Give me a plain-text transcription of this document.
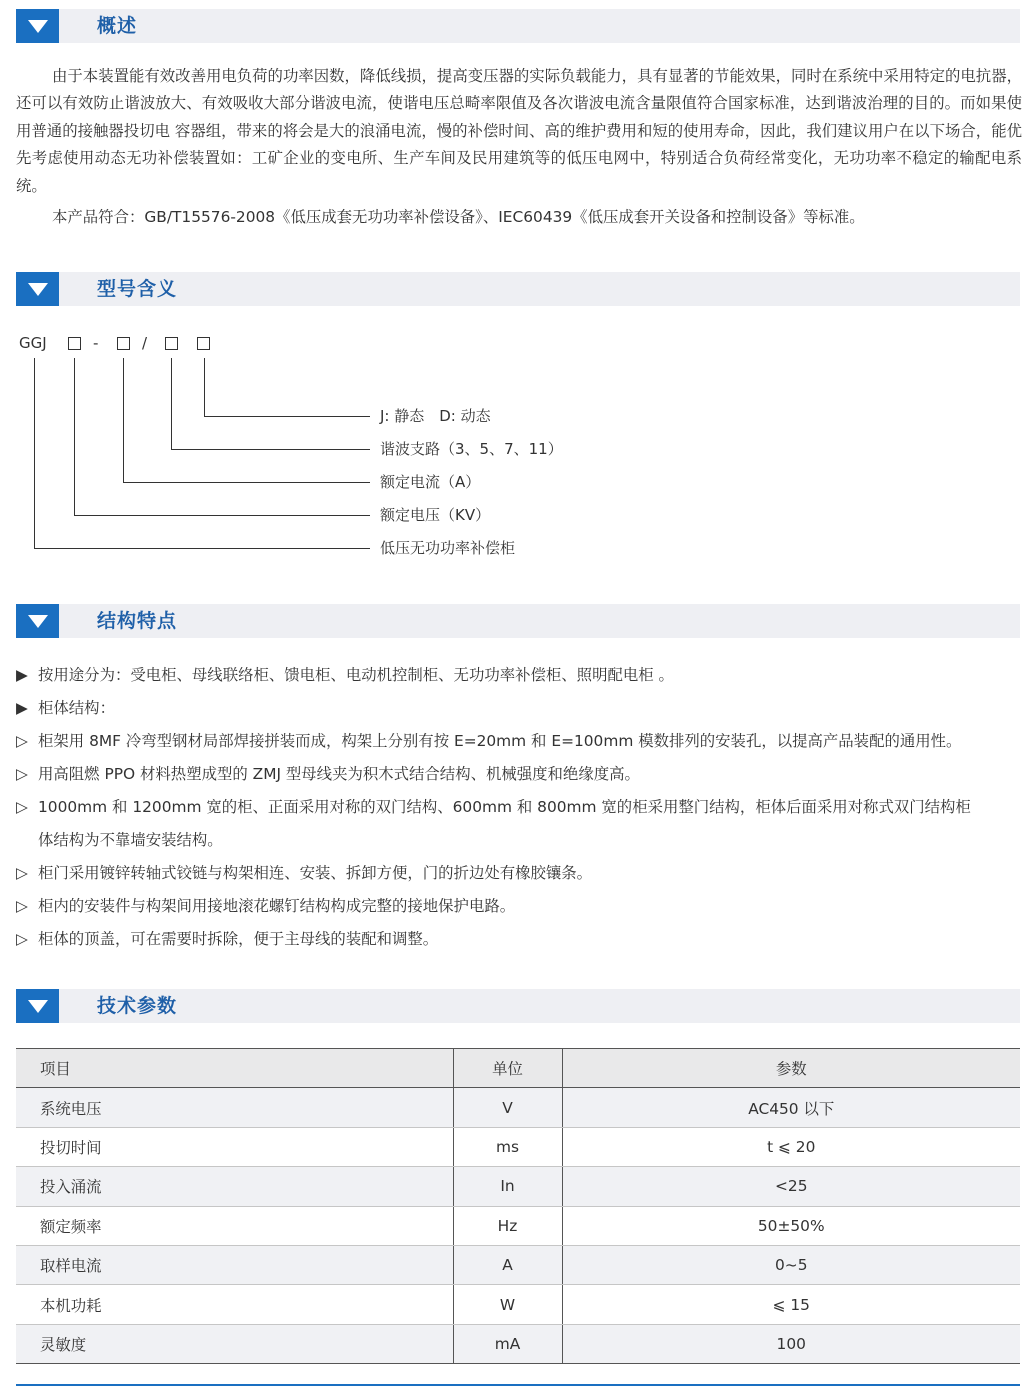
概述
由于本装置能有效改善用电负荷的功率因数，降低线损，提高变压器的实际负载能力，具有显著的节能效果，同时在系统中采用特定的电抗器，还可以有效防止谐波放大、有效吸收大部分谐波电流，使谐电压总畸率限值及各次谐波电流含量限值符合国家标准，达到谐波治理的目的。而如果使用普通的接触器投切电 容器组，带来的将会是大的浪涌电流，慢的补偿时间、高的维护费用和短的使用寿命，因此，我们建议用户在以下场合，能优先考虑使用动态无功补偿装置如：工矿企业的变电所、生产车间及民用建筑等的低压电网中，特别适合负荷经常变化，无功功率不稳定的输配电系统。
本产品符合：GB/T15576-2008《低压成套无功功率补偿设备》、IEC60439《低压成套开关设备和控制设备》等标准。
型号含义
GGJ	-	/
J: 静态　D: 动态
谐波支路（3、5、7、11）
额定电流（A）
额定电压（KV）
低压无功功率补偿柜
结构特点
▶ 按用途分为：受电柜、母线联络柜、馈电柜、电动机控制柜、无功功率补偿柜、照明配电柜 。
▶ 柜体结构：
▷ 柜架用 8MF 冷弯型钢材局部焊接拼装而成，构架上分别有按 E=20mm 和 E=100mm 模数排列的安装孔，以提高产品装配的通用性。
▷ 用高阻燃 PPO 材料热塑成型的 ZMJ 型母线夹为积木式结合结构、机械强度和绝缘度高。
▷ 1000mm 和 1200mm 宽的柜、正面采用对称的双门结构、600mm 和 800mm 宽的柜采用整门结构，柜体后面采用对称式双门结构柜
体结构为不靠墙安装结构。
▷ 柜门采用镀锌转轴式铰链与构架相连、安装、拆卸方便，门的折边处有橡胶镶条。
▷ 柜内的安装件与构架间用接地滚花螺钉结构构成完整的接地保护电路。
▷ 柜体的顶盖，可在需要时拆除，便于主母线的装配和调整。
技术参数
项目	单位	参数
系统电压	V	AC450 以下
投切时间	ms	t ⩽ 20
投入涌流	In	<25
额定频率	Hz	50±50%
取样电流	A	0~5
本机功耗	W	⩽ 15
灵敏度	mA	100
